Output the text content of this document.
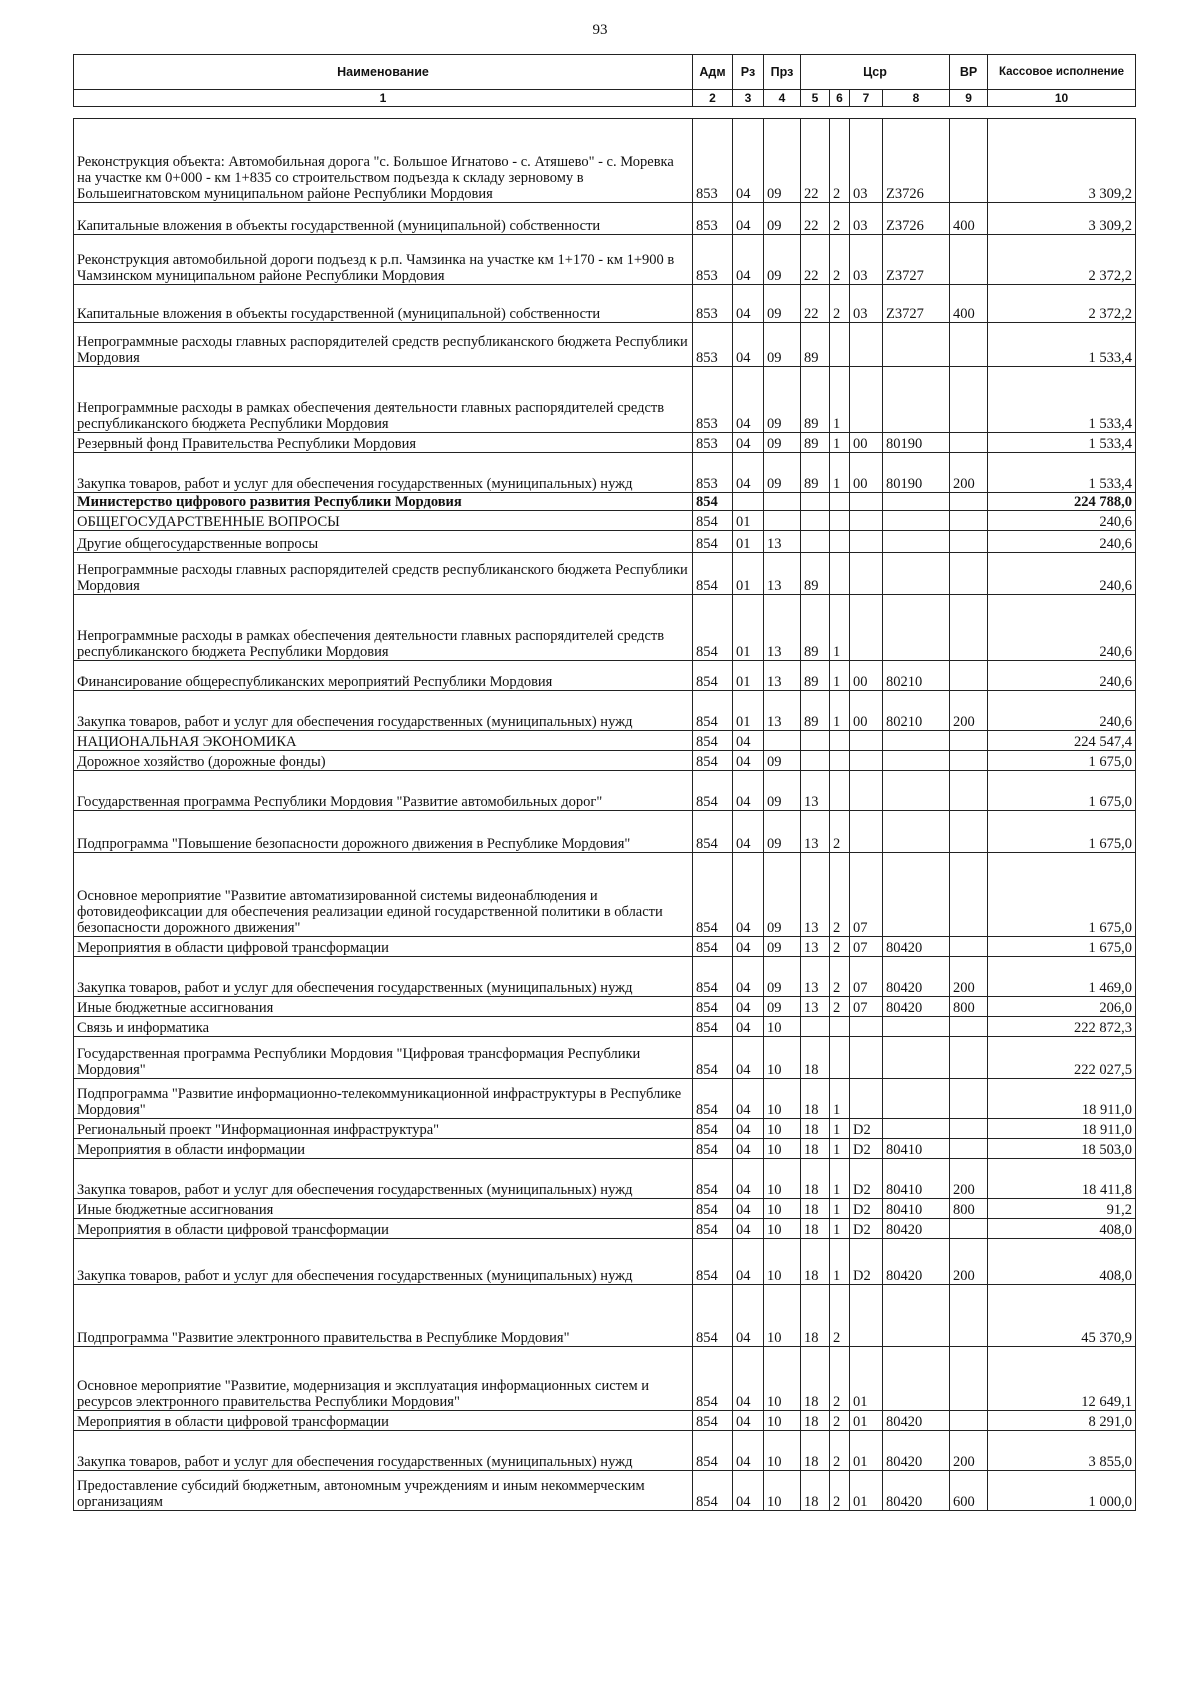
93
Наименование	Адм	Рз	Прз	Цср				ВР	Кассовое исполнение
1	2	3	4	5	6	7	8	9	10

Реконструкция объекта: Автомобильная дорога "с. Большое Игнатово - с. Атяшево" - с. Моревка на участке км 0+000 - км 1+835 со строительством подъезда к складу зерновому в Большеигнатовском муниципальном районе Республики Мордовия	853	04	09	22	2	03	Z3726		3 309,2
Капитальные вложения в объекты государственной (муниципальной) собственности	853	04	09	22	2	03	Z3726	400	3 309,2
Реконструкция автомобильной дороги подъезд к р.п. Чамзинка на участке км 1+170 - км 1+900 в Чамзинском муниципальном районе Республики Мордовия	853	04	09	22	2	03	Z3727		2 372,2
Капитальные вложения в объекты государственной (муниципальной) собственности	853	04	09	22	2	03	Z3727	400	2 372,2
Непрограммные расходы главных распорядителей средств республиканского бюджета Республики Мордовия	853	04	09	89					1 533,4
Непрограммные расходы в рамках обеспечения деятельности главных распорядителей средств республиканского бюджета Республики Мордовия	853	04	09	89	1				1 533,4
Резервный фонд Правительства Республики Мордовия	853	04	09	89	1	00	80190		1 533,4
Закупка товаров, работ и услуг для обеспечения государственных (муниципальных) нужд	853	04	09	89	1	00	80190	200	1 533,4
Министерство цифрового развития Республики Мордовия	854								224 788,0
ОБЩЕГОСУДАРСТВЕННЫЕ ВОПРОСЫ	854	01							240,6
Другие общегосударственные вопросы	854	01	13						240,6
Непрограммные расходы главных распорядителей средств республиканского бюджета Республики Мордовия	854	01	13	89					240,6
Непрограммные расходы в рамках обеспечения деятельности главных распорядителей средств республиканского бюджета Республики Мордовия	854	01	13	89	1				240,6
Финансирование общереспубликанских мероприятий Республики Мордовия	854	01	13	89	1	00	80210		240,6
Закупка товаров, работ и услуг для обеспечения государственных (муниципальных) нужд	854	01	13	89	1	00	80210	200	240,6
НАЦИОНАЛЬНАЯ ЭКОНОМИКА	854	04							224 547,4
Дорожное хозяйство (дорожные фонды)	854	04	09						1 675,0
Государственная программа Республики Мордовия "Развитие автомобильных дорог"	854	04	09	13					1 675,0
Подпрограмма "Повышение безопасности дорожного движения в Республике Мордовия"	854	04	09	13	2				1 675,0
Основное мероприятие "Развитие автоматизированной системы видеонаблюдения и фотовидеофиксации для обеспечения реализации единой государственной политики в области безопасности дорожного движения"	854	04	09	13	2	07			1 675,0
Мероприятия в области цифровой трансформации	854	04	09	13	2	07	80420		1 675,0
Закупка товаров, работ и услуг для обеспечения государственных (муниципальных) нужд	854	04	09	13	2	07	80420	200	1 469,0
Иные бюджетные ассигнования	854	04	09	13	2	07	80420	800	206,0
Связь и информатика	854	04	10						222 872,3
Государственная программа Республики Мордовия "Цифровая трансформация Республики Мордовия"	854	04	10	18					222 027,5
Подпрограмма "Развитие информационно-телекоммуникационной инфраструктуры в Республике Мордовия"	854	04	10	18	1				18 911,0
Региональный проект "Информационная инфраструктура"	854	04	10	18	1	D2			18 911,0
Мероприятия в области информации	854	04	10	18	1	D2	80410		18 503,0
Закупка товаров, работ и услуг для обеспечения государственных (муниципальных) нужд	854	04	10	18	1	D2	80410	200	18 411,8
Иные бюджетные ассигнования	854	04	10	18	1	D2	80410	800	91,2
Мероприятия в области цифровой трансформации	854	04	10	18	1	D2	80420		408,0
Закупка товаров, работ и услуг для обеспечения государственных (муниципальных) нужд	854	04	10	18	1	D2	80420	200	408,0
Подпрограмма "Развитие электронного правительства в Республике Мордовия"	854	04	10	18	2				45 370,9
Основное мероприятие "Развитие, модернизация и эксплуатация информационных систем и ресурсов электронного правительства Республики Мордовия"	854	04	10	18	2	01			12 649,1
Мероприятия в области цифровой трансформации	854	04	10	18	2	01	80420		8 291,0
Закупка товаров, работ и услуг для обеспечения государственных (муниципальных) нужд	854	04	10	18	2	01	80420	200	3 855,0
Предоставление субсидий бюджетным, автономным учреждениям и иным некоммерческим организациям	854	04	10	18	2	01	80420	600	1 000,0
